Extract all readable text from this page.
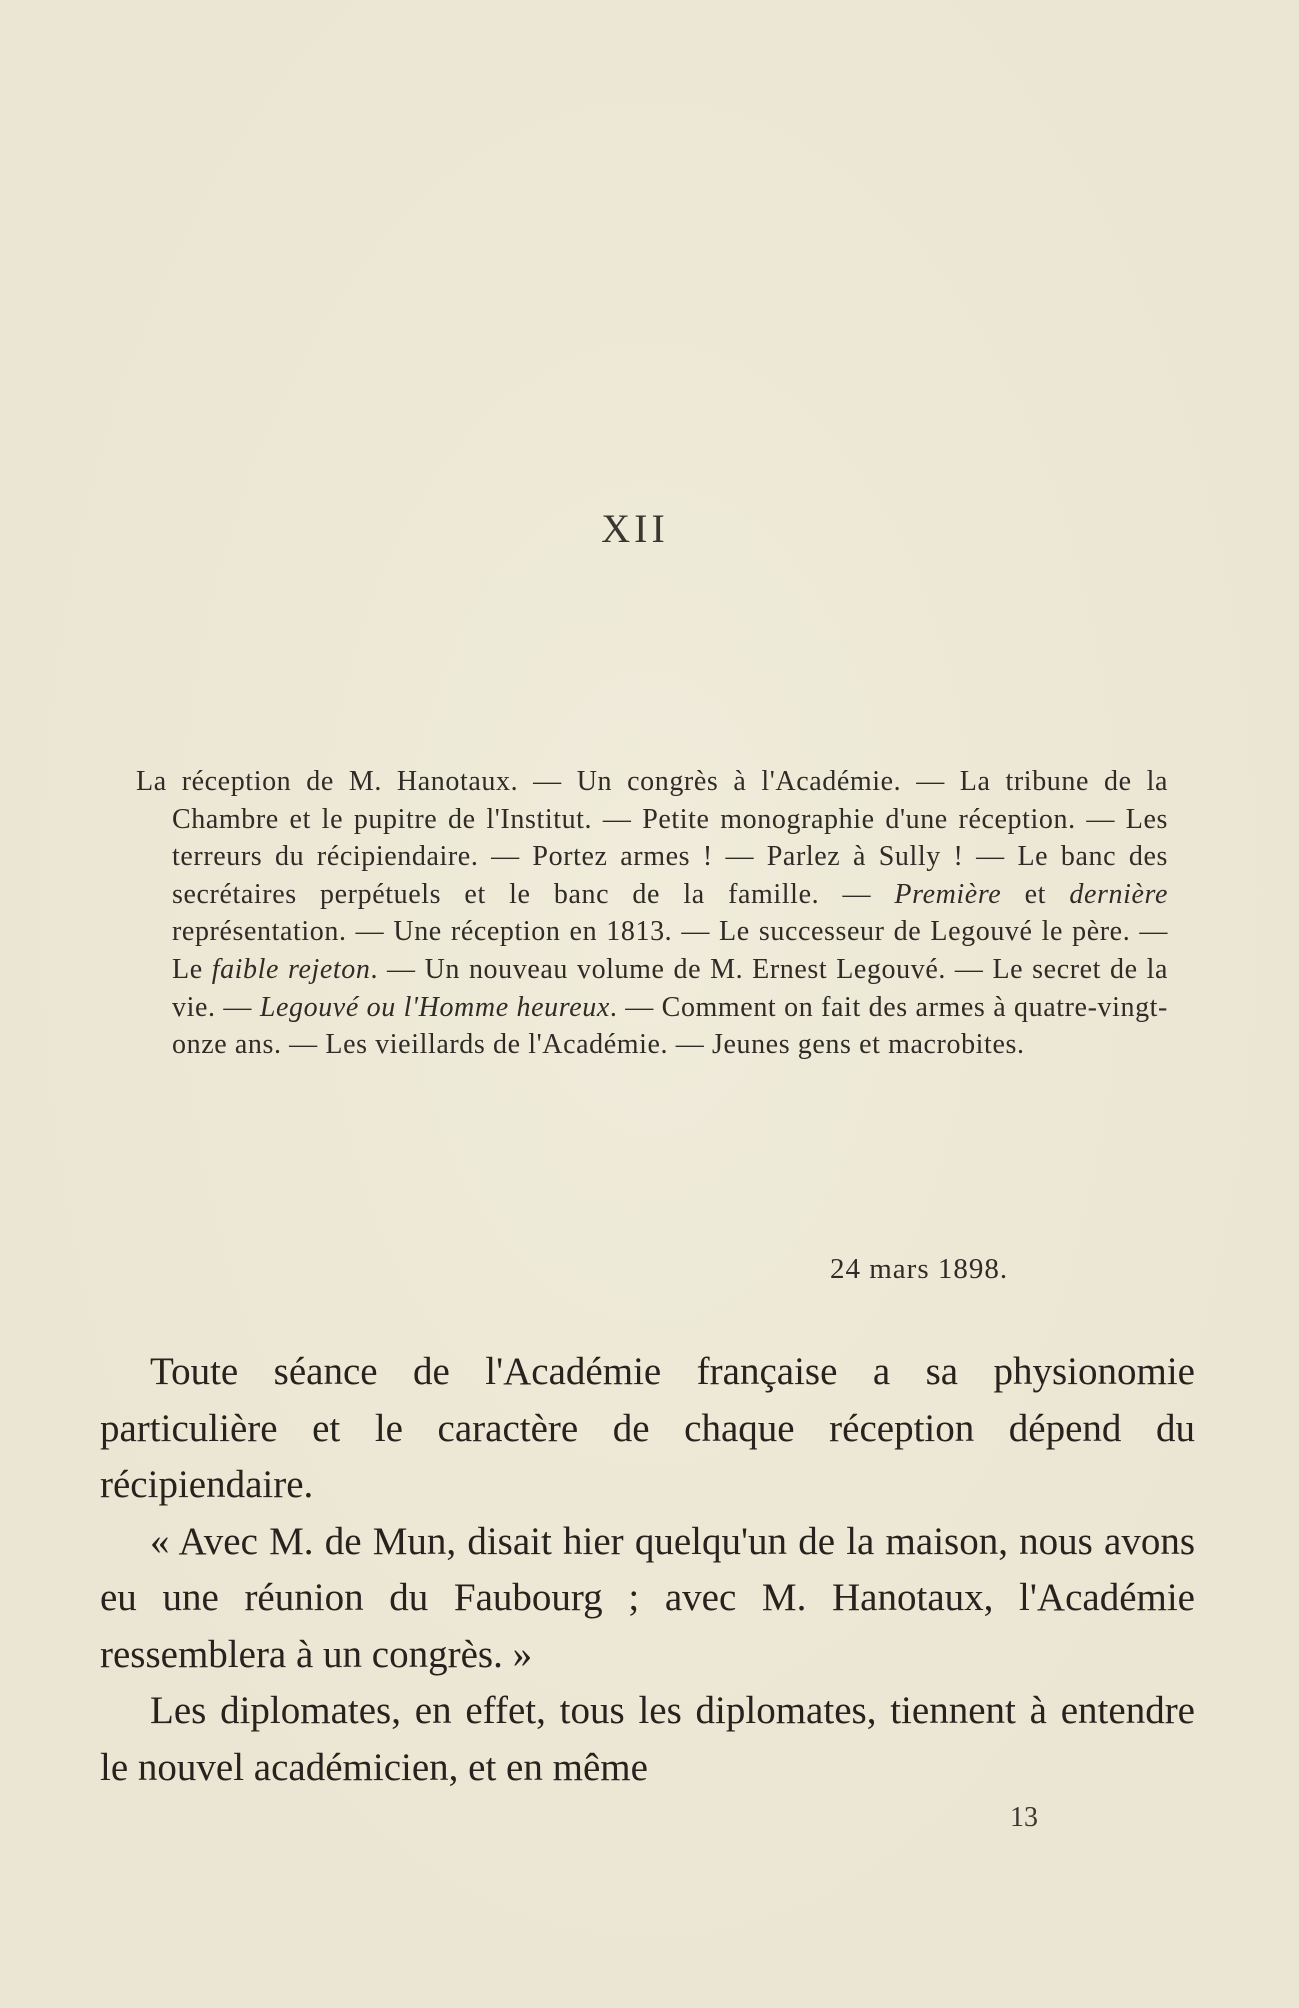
XII
La réception de M. Hanotaux. — Un congrès à l'Académie. — La tribune de la Chambre et le pupitre de l'Institut. — Petite monographie d'une réception. — Les terreurs du récipiendaire. — Portez armes ! — Parlez à Sully ! — Le banc des secrétaires perpétuels et le banc de la famille. — Première et dernière représentation. — Une réception en 1813. — Le successeur de Legouvé le père. — Le faible rejeton. — Un nouveau volume de M. Ernest Legouvé. — Le secret de la vie. — Legouvé ou l'Homme heureux. — Comment on fait des armes à quatre-vingt-onze ans. — Les vieillards de l'Académie. — Jeunes gens et macrobites.
24 mars 1898.

Toute séance de l'Académie française a sa physionomie particulière et le caractère de chaque réception dépend du récipiendaire.

« Avec M. de Mun, disait hier quelqu'un de la maison, nous avons eu une réunion du Faubourg ; avec M. Hanotaux, l'Académie ressemblera à un congrès. »

Les diplomates, en effet, tous les diplomates, tiennent à entendre le nouvel académicien, et en même

13
